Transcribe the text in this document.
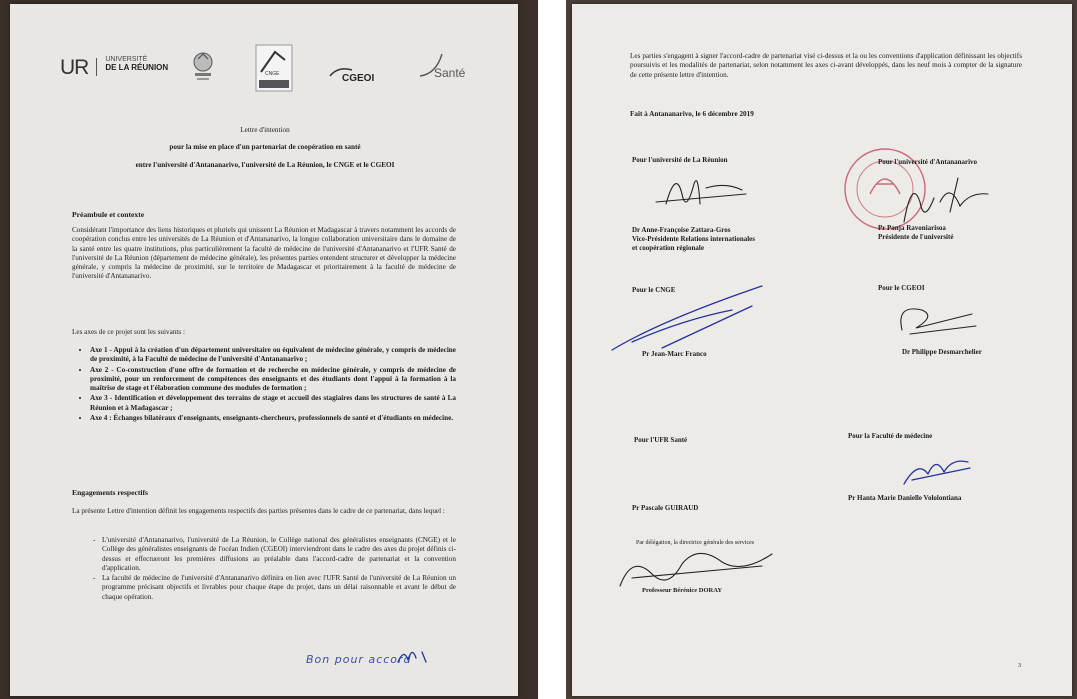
UR UNIVERSITÉ
DE LA RÉUNION
CNGE	$_{CGEOI}$	$_{Santé}$
Lettre d'intention
pour la mise en place d'un partenariat de coopération en santé
entre l'université d'Antananarivo, l'université de La Réunion, le CNGE et le CGEOI
Préambule et contexte
Considérant l'importance des liens historiques et pluriels qui unissent La Réunion et Madagascar à travers notamment les accords de coopération conclus entre les universités de La Réunion et d'Antananarivo, la longue collaboration universitaire dans le domaine de la santé entre les quatre institutions, plus particulièrement la faculté de médecine de l'université d'Antananarivo et l'UFR Santé de l'université de La Réunion (département de médecine générale), les présentes parties entendent structurer et développer la médecine générale, y compris la médecine de proximité, sur le territoire de Madagascar et prioritairement à la faculté de médecine de l'université d'Antananarivo.
Les axes de ce projet sont les suivants :
• Axe 1 - Appui à la création d'un département universitaire ou équivalent de médecine générale, y compris de médecine de proximité, à la Faculté de médecine de l'université d'Antananarivo ;
• Axe 2 - Co-construction d'une offre de formation et de recherche en médecine générale, y compris de médecine de proximité, pour un renforcement de compétences des enseignants et des étudiants dont l'appui à la formation à la maîtrise de stage et l'élaboration commune des modules de formation ;
• Axe 3 - Identification et développement des terrains de stage et accueil des stagiaires dans les structures de santé à La Réunion et à Madagascar ;
• Axe 4 : Échanges bilatéraux d'enseignants, enseignants-chercheurs, professionnels de santé et d'étudiants en médecine.
Engagements respectifs
La présente Lettre d'intention définit les engagements respectifs des parties présentes dans le cadre de ce partenariat, dans lequel :
- L'université d'Antananarivo, l'université de La Réunion, le Collège national des généralistes enseignants (CNGE) et le Collège des généralistes enseignants de l'océan Indien (CGEOI) interviendront dans le cadre des axes du projet définis ci-dessus et effectueront les premières diffusions au préalable dans l'accord-cadre de partenariat et la convention d'application.
- La faculté de médecine de l'université d'Antananarivo définira en lien avec l'UFR Santé de l'université de La Réunion un programme précisant objectifs et livrables pour chaque étape du projet, dans un délai raisonnable et avant le début de chaque opération.
Bon pour accord
Les parties s'engagent à signer l'accord-cadre de partenariat visé ci-dessus et la ou les conventions d'application définissant les objectifs poursuivis et les modalités de partenariat, selon notamment les axes ci-avant développés, dans les neuf mois à compter de la signature de cette présente lettre d'intention.
Fait à Antananarivo, le 6 décembre 2019
Pour l'université de La Réunion
Dr Anne-Françoise Zattara-Gros
Vice-Présidente Relations internationales
et coopération régionale
Pour l'université d'Antananarivo
Pr Panja Ravoniarisoa
Présidente de l'université
Pour le CNGE
Pr Jean-Marc Franco
Pour le CGEOI
Dr Philippe Desmarchelier
Pour l'UFR Santé
Pr Pascale GUIRAUD
Pour la Faculté de médecine
Pr Hanta Marie Danielle Vololontiana
Par délégation, la directrice générale des services
Professeur Bérénice DORAY
3
